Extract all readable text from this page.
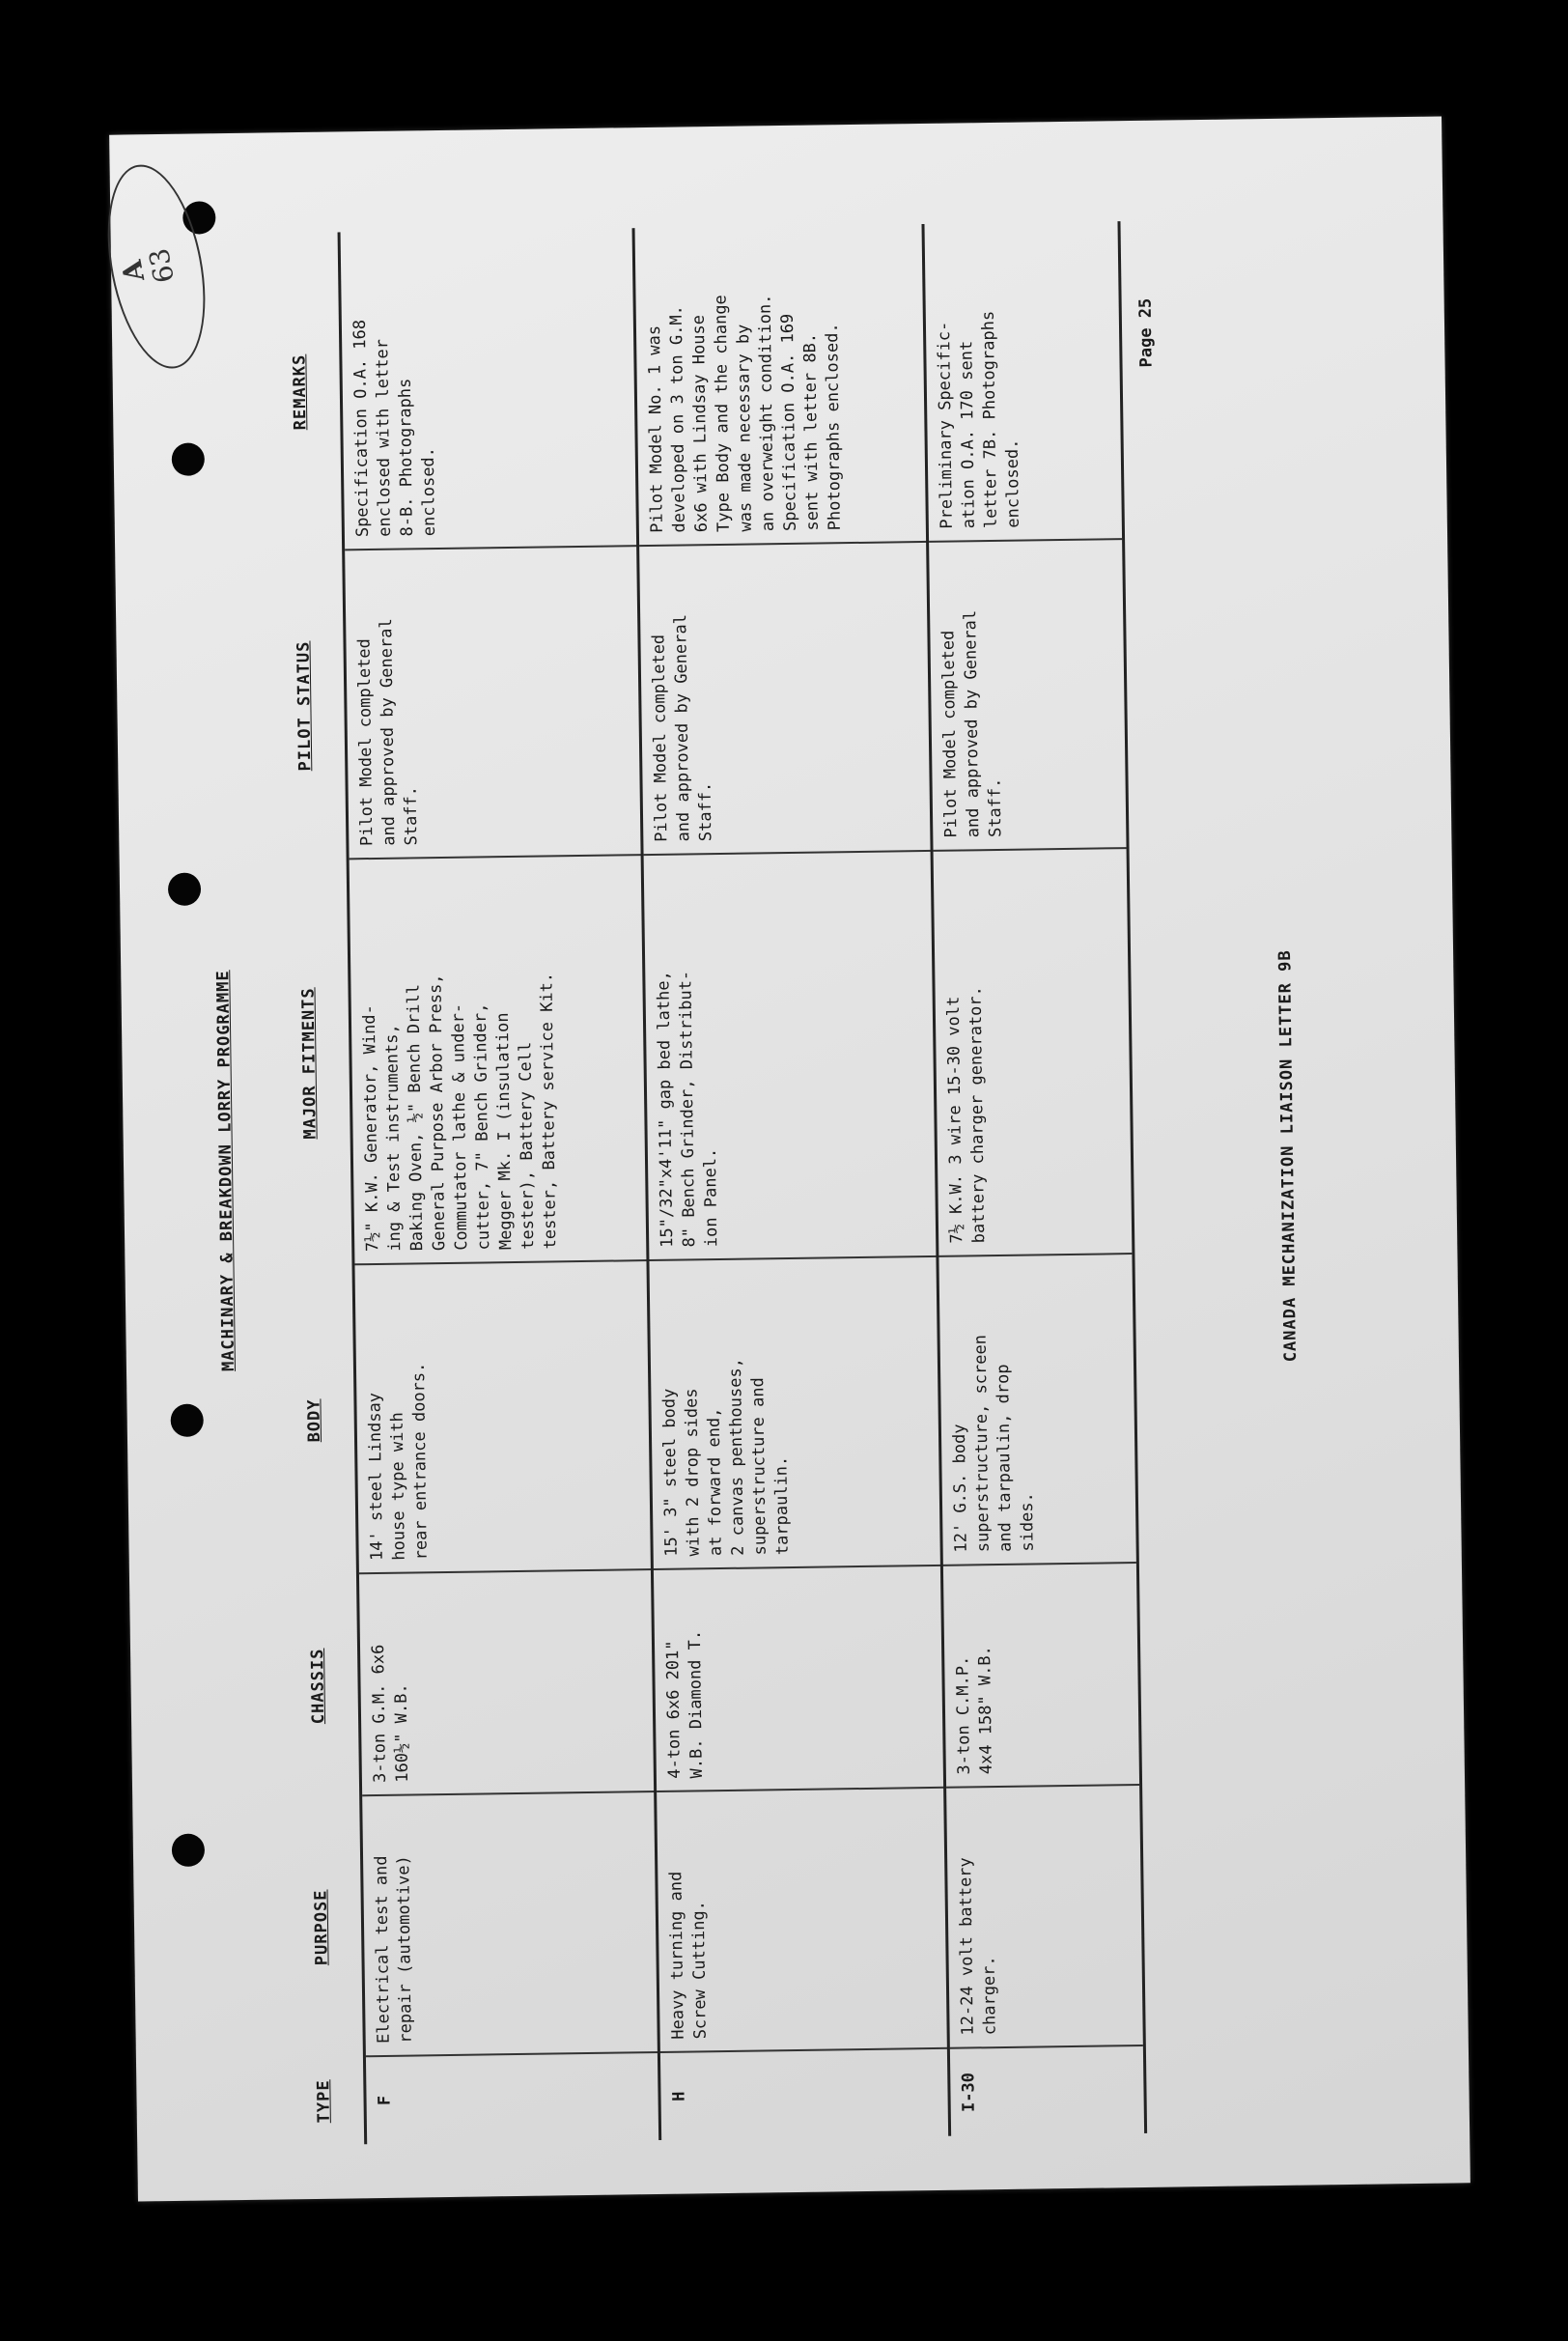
MACHINARY & BREAKDOWN LORRY PROGRAMME
TYPE
PURPOSE
CHASSIS
BODY
MAJOR FITMENTS
PILOT STATUS
REMARKS
F
Electrical test and
repair (automotive)
3-ton G.M. 6x6
160½" W.B.
14' steel Lindsay
house type with
rear entrance doors.
7½" K.W. Generator, Wind-
ing & Test instruments,
Baking Oven, ½" Bench Drill
General Purpose Arbor Press,
Commutator lathe & under-
cutter, 7" Bench Grinder,
Megger Mk. I (insulation
tester), Battery Cell
tester, Battery service Kit.
Pilot Model completed
and approved by General
Staff.
Specification O.A. 168
enclosed with letter
8-B. Photographs
enclosed.
H
Heavy turning and
Screw Cutting.
4-ton 6x6 201"
W.B. Diamond T.
15' 3" steel body
with 2 drop sides
at forward end,
2 canvas penthouses,
superstructure and
tarpaulin.
15"/32"x4'11" gap bed lathe,
8" Bench Grinder, Distribut-
ion Panel.
Pilot Model completed
and approved by General
Staff.
Pilot Model No. 1 was
developed on 3 ton G.M.
6x6 with Lindsay House
Type Body and the change
was made necessary by
an overweight condition.
Specification O.A. 169
sent with letter 8B.
Photographs enclosed.
I-30
12-24 volt battery
charger.
3-ton C.M.P.
4x4 158" W.B.
12' G.S. body
superstructure, screen
and tarpaulin, drop
sides.
7½ K.W. 3 wire 15-30 volt
battery charger generator.
Pilot Model completed
and approved by General
Staff.
Preliminary Specific-
ation O.A. 170 sent
letter 7B. Photographs
enclosed.
Page 25
CANADA MECHANIZATION LIAISON LETTER 9B
A
63
